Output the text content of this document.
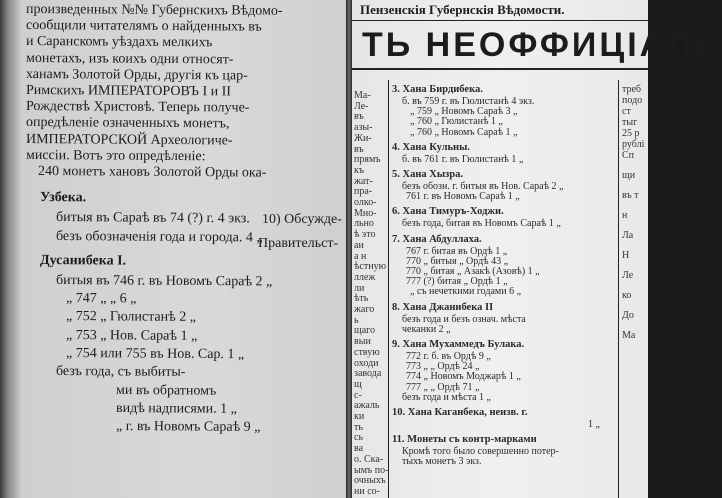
произведенных №№ Губернскихъ Вѣдомо-
сообщили читателямъ о найденныхъ въ
и Саранскомъ уѣздахъ мелкихъ
монетахъ, изъ коихъ одни относят-
ханамъ Золотой Орды, другія къ цар-
Римскихъ ИМПЕРАТОРОВЪ I и II
Рождествѣ Христовѣ. Теперь получе-
опредѣленіе означенныхъ монетъ,
ИМПЕРАТОРСКОЙ Археологиче-
миссіи. Вотъ это опредѣленіе:
240 монетъ хановъ Золотой Орды ока-
Узбека.
битыя въ Сараѣ въ 74 (?) г. 4 экз.
безъ обозначенія года и города. 4 „
Дусанибека I.
битыя въ 746 г. въ Новомъ Сараѣ 2 „
„ 747 „ „ 6 „
„ 752 „ Гюлистанѣ 2 „
„ 753 „ Нов. Сараѣ 1 „
„ 754 или 755 въ Нов. Сар. 1 „
безъ года, съ выбиты-
ми въ обратномъ
видѣ надписями. 1 „
„ г. въ Новомъ Сараѣ 9 „
10) Обсужде-
Правительст-
Пензенскія Губернскія Вѣдомости.
ТЬ НЕОФФИЦІАЛЬ
Ма-
Ле-
въ
азы-
Жи-
въ
прямъ
къ
жат-
пра-
олко-
Мно-
льно
ѣ это
аи
а н
ѣстную
ллеж
ли
ѣть
жаго
ь
щаго
выи
ствую
оходи
завода
щ
с-
ажаль
ки
ть
сь
ва
о. Ска-
ымъ по-
очныхъ
ни со-
3. Хана Бирдибека.
б. въ 759 г. въ Гюлистанѣ 4 экз.
„ 759 „ Новомъ Сараѣ 3 „
„ 760 „ Гюлистанѣ 1 „
„ 760 „ Новомъ Сараѣ 1 „
4. Хана Кульны.
б. въ 761 г. въ Гюлистанѣ 1 „
5. Хана Хызра.
безъ обозн. г. битыя въ Нов. Сараѣ 2 „
761 г. въ Новомъ Сараѣ 1 „
6. Хана Тимуръ-Ходжи.
безъ года, битая въ Новомъ Сараѣ 1 „
7. Хана Абдуллаха.
767 г. битая въ Ордѣ 1 „
770 „ битыя „ Ордѣ 43 „
770 „ битая „ Азакѣ (Азовѣ) 1 „
777 (?) битая „ Ордѣ 1 „
„ съ нечеткими годами 6 „
8. Хана Джанибека II
безъ года и безъ означ. мѣста
чеканки 2 „
9. Хана Мухаммедъ Булака.
772 г. б. въ Ордѣ 9 „
773 „ „ Ордѣ 24 „
774 „ Новомъ Моджарѣ 1 „
777 „ „ Ордѣ 71 „
безъ года и мѣста 1 „
10. Хана Каганбека, неизв. г.
1 „
11. Монеты съ контр-марками
Кромѣ того было совершенно потер-
тыхъ монетъ 3 экз.
треб
подо
ст
тыг
25 р
рублі
Сп
щи
въ т
н
Ла
Н
Ле
ко
До
Ма
